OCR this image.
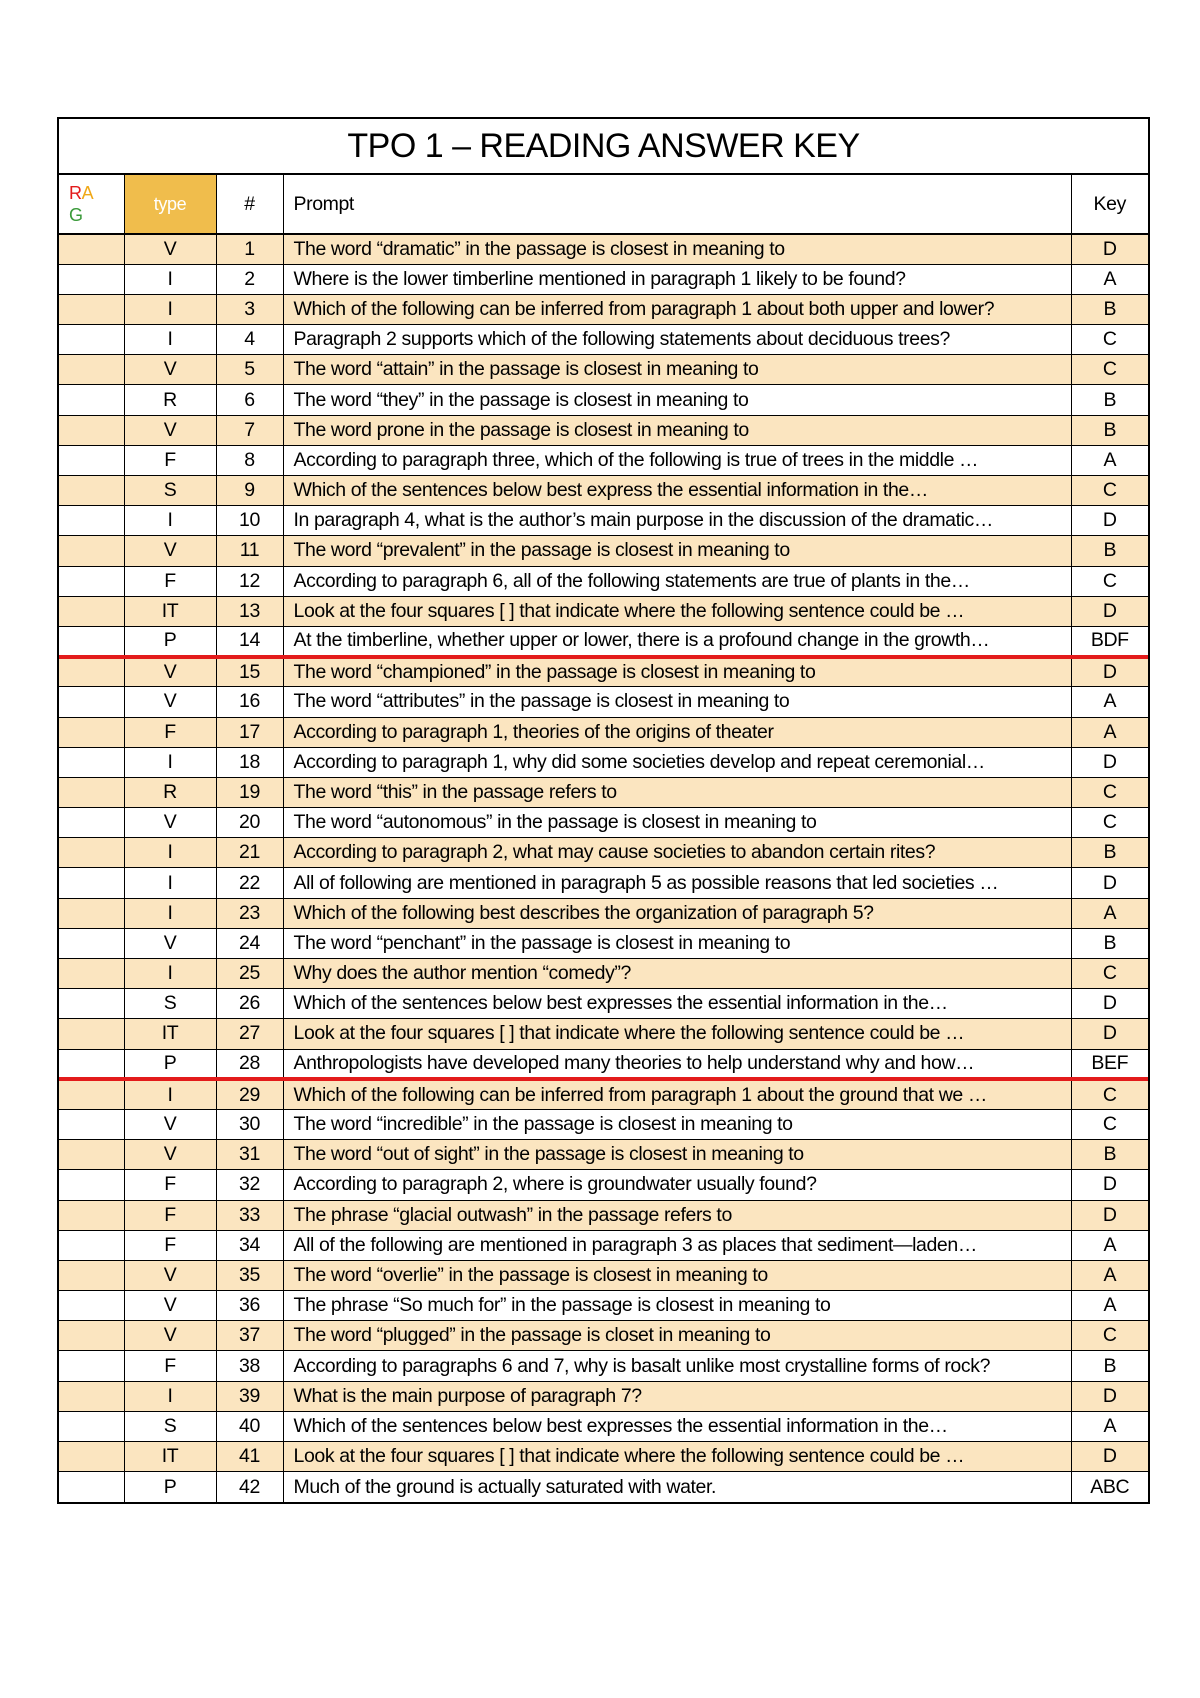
TPO 1 – READING ANSWER KEY
RA
G	type	#	Prompt	Key
	V	1	The word “dramatic” in the passage is closest in meaning to	D
	I	2	Where is the lower timberline mentioned in paragraph 1 likely to be found?	A
	I	3	Which of the following can be inferred from paragraph 1 about both upper and lower?	B
	I	4	Paragraph 2 supports which of the following statements about deciduous trees?	C
	V	5	The word “attain” in the passage is closest in meaning to	C
	R	6	The word “they” in the passage is closest in meaning to	B
	V	7	The word prone in the passage is closest in meaning to	B
	F	8	According to paragraph three, which of the following is true of trees in the middle …	A
	S	9	Which of the sentences below best express the essential information in the…	C
	I	10	In paragraph 4, what is the author’s main purpose in the discussion of the dramatic…	D
	V	11	The word “prevalent” in the passage is closest in meaning to	B
	F	12	According to paragraph 6, all of the following statements are true of plants in the…	C
	IT	13	Look at the four squares [ ] that indicate where the following sentence could be …	D
	P	14	At the timberline, whether upper or lower, there is a profound change in the growth…	BDF
	V	15	The word “championed” in the passage is closest in meaning to	D
	V	16	The word “attributes” in the passage is closest in meaning to	A
	F	17	According to paragraph 1, theories of the origins of theater	A
	I	18	According to paragraph 1, why did some societies develop and repeat ceremonial…	D
	R	19	The word “this” in the passage refers to	C
	V	20	The word “autonomous” in the passage is closest in meaning to	C
	I	21	According to paragraph 2, what may cause societies to abandon certain rites?	B
	I	22	All of following are mentioned in paragraph 5 as possible reasons that led societies …	D
	I	23	Which of the following best describes the organization of paragraph 5?	A
	V	24	The word “penchant” in the passage is closest in meaning to	B
	I	25	Why does the author mention “comedy”?	C
	S	26	Which of the sentences below best expresses the essential information in the…	D
	IT	27	Look at the four squares [ ] that indicate where the following sentence could be …	D
	P	28	Anthropologists have developed many theories to help understand why and how…	BEF
	I	29	Which of the following can be inferred from paragraph 1 about the ground that we …	C
	V	30	The word “incredible” in the passage is closest in meaning to	C
	V	31	The word “out of sight” in the passage is closest in meaning to	B
	F	32	According to paragraph 2, where is groundwater usually found?	D
	F	33	The phrase “glacial outwash” in the passage refers to	D
	F	34	All of the following are mentioned in paragraph 3 as places that sediment—laden…	A
	V	35	The word “overlie” in the passage is closest in meaning to	A
	V	36	The phrase “So much for” in the passage is closest in meaning to	A
	V	37	The word “plugged” in the passage is closet in meaning to	C
	F	38	According to paragraphs 6 and 7, why is basalt unlike most crystalline forms of rock?	B
	I	39	What is the main purpose of paragraph 7?	D
	S	40	Which of the sentences below best expresses the essential information in the…	A
	IT	41	Look at the four squares [ ] that indicate where the following sentence could be …	D
	P	42	Much of the ground is actually saturated with water.	ABC
